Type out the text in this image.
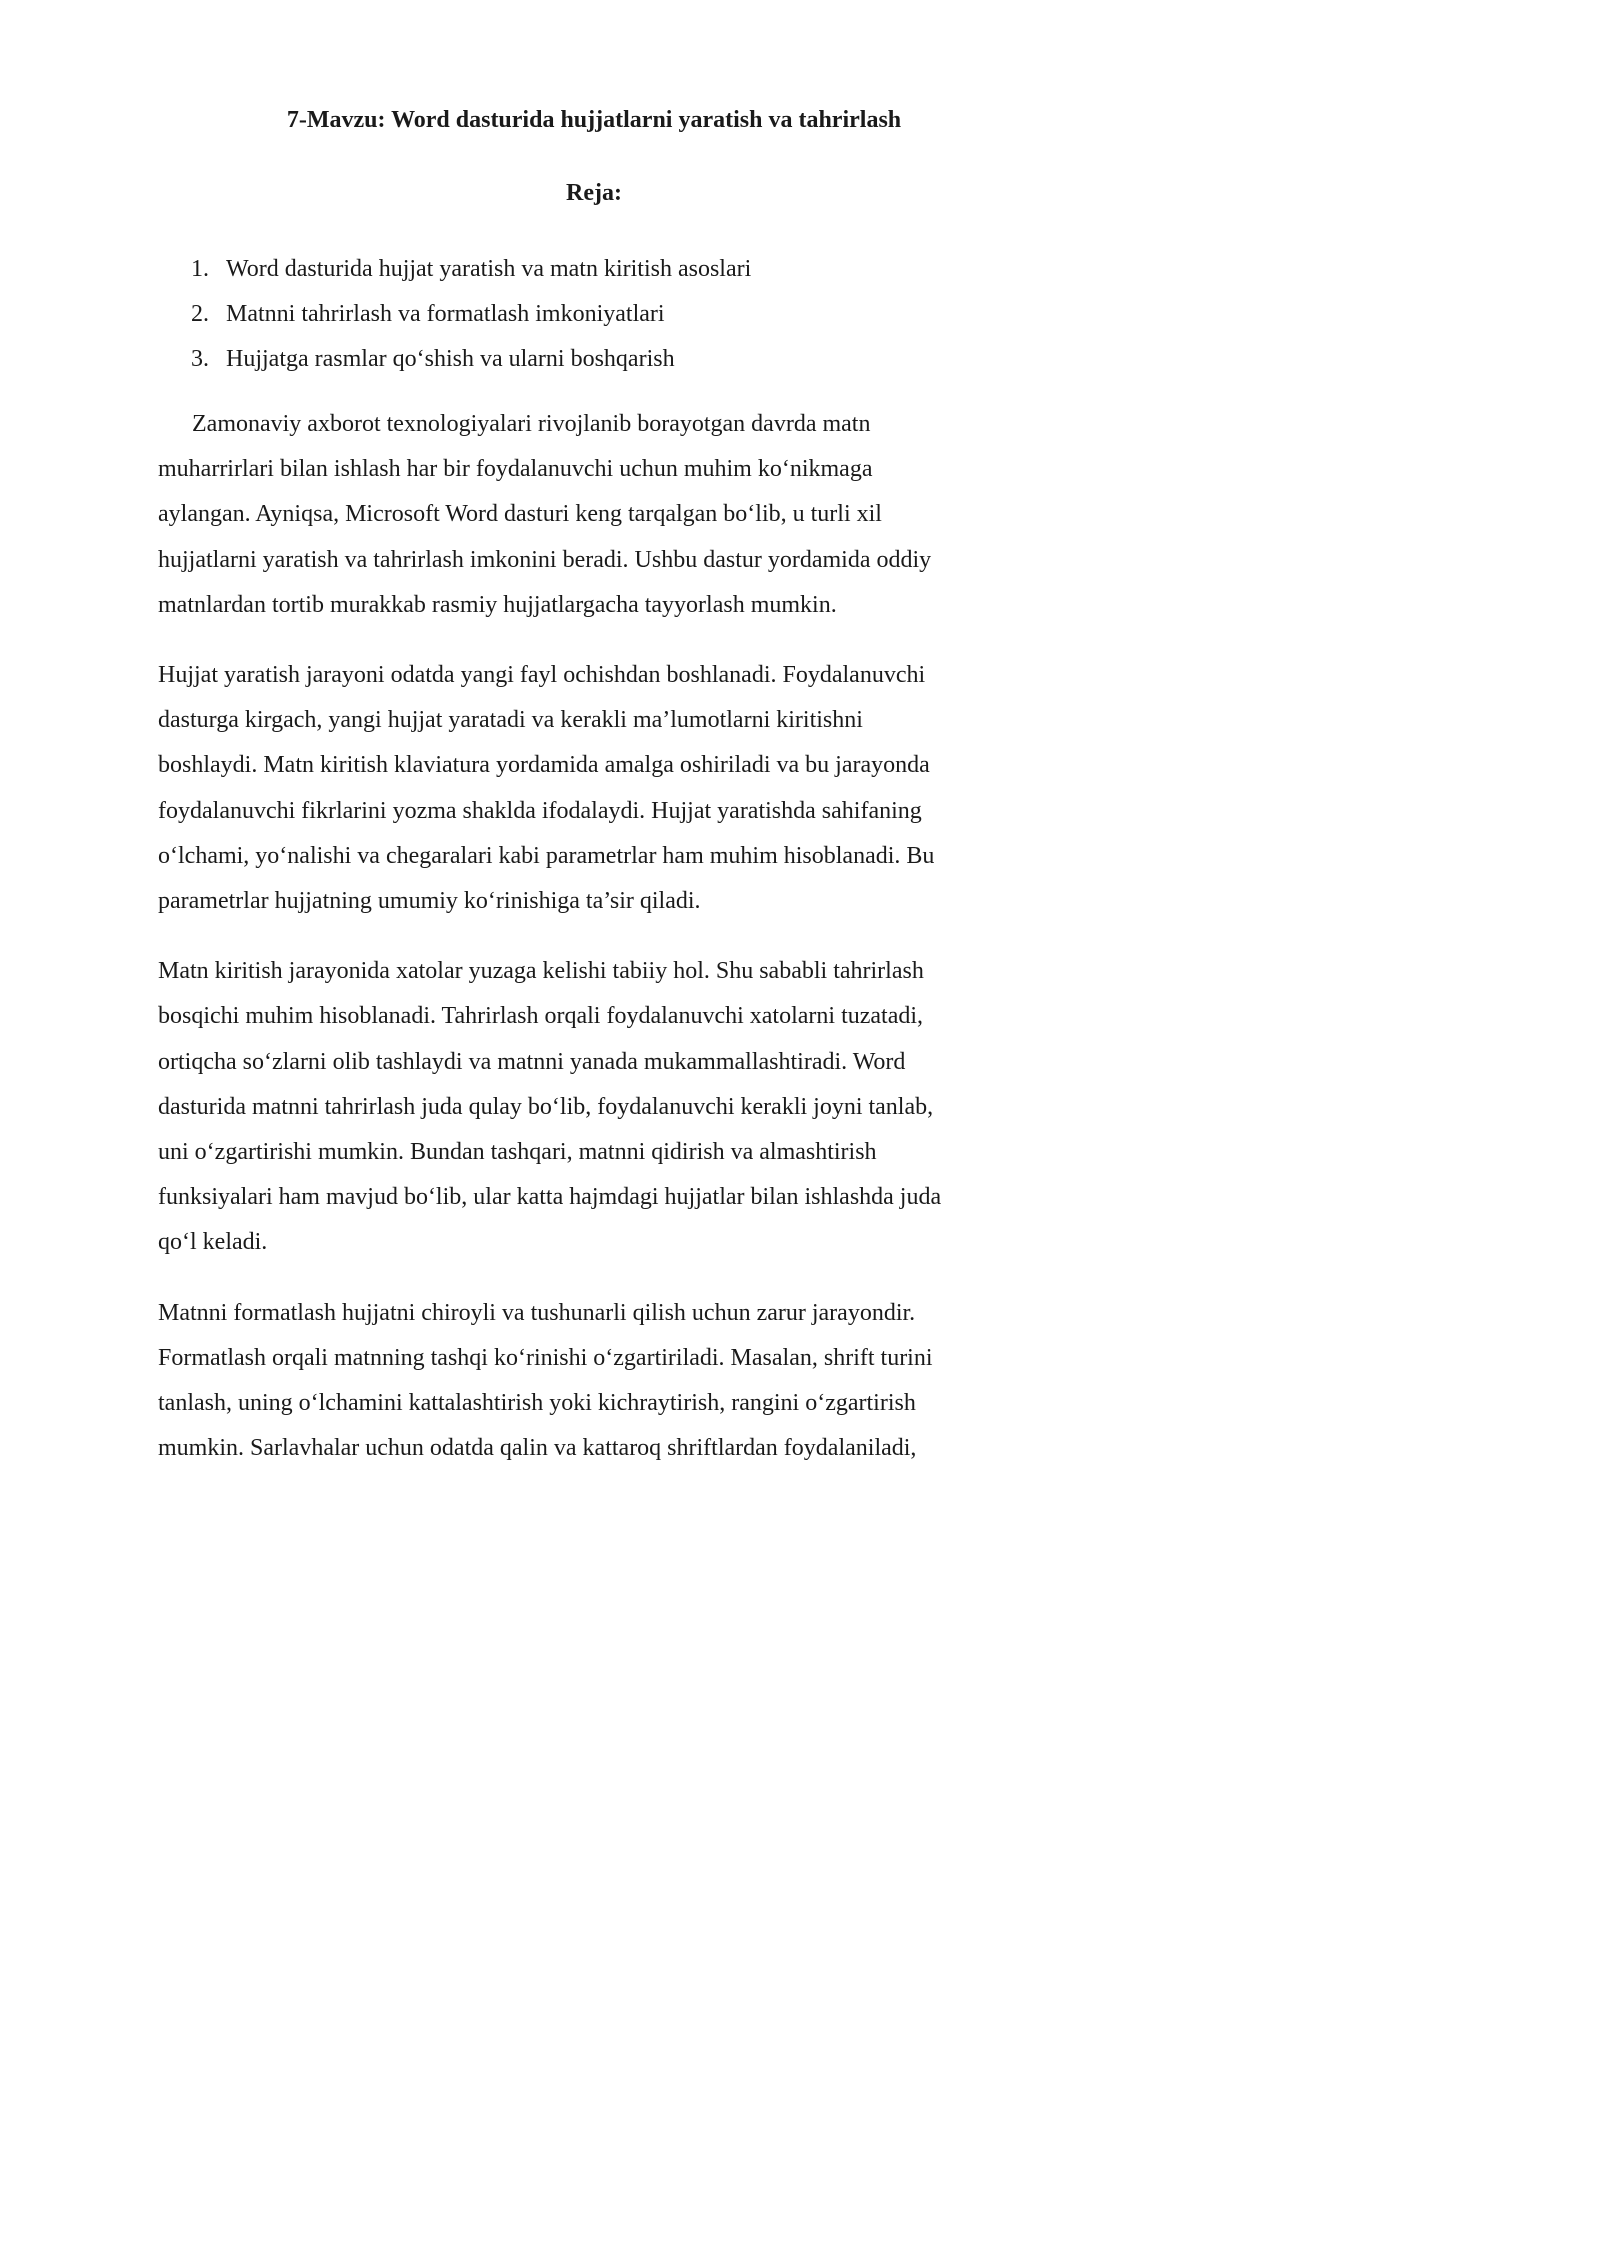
7-Mavzu: Word dasturida hujjatlarni yaratish va tahrirlash
Reja:
1. Word dasturida hujjat yaratish va matn kiritish asoslari
2. Matnni tahrirlash va formatlash imkoniyatlari
3. Hujjatga rasmlar qo‘shish va ularni boshqarish

Zamonaviy axborot texnologiyalari rivojlanib borayotgan davrda matn
muharrirlari bilan ishlash har bir foydalanuvchi uchun muhim ko‘nikmaga
aylangan. Ayniqsa, Microsoft Word dasturi keng tarqalgan bo‘lib, u turli xil
hujjatlarni yaratish va tahrirlash imkonini beradi. Ushbu dastur yordamida oddiy
matnlardan tortib murakkab rasmiy hujjatlargacha tayyorlash mumkin.

Hujjat yaratish jarayoni odatda yangi fayl ochishdan boshlanadi. Foydalanuvchi
dasturga kirgach, yangi hujjat yaratadi va kerakli ma’lumotlarni kiritishni
boshlaydi. Matn kiritish klaviatura yordamida amalga oshiriladi va bu jarayonda
foydalanuvchi fikrlarini yozma shaklda ifodalaydi. Hujjat yaratishda sahifaning
o‘lchami, yo‘nalishi va chegaralari kabi parametrlar ham muhim hisoblanadi. Bu
parametrlar hujjatning umumiy ko‘rinishiga ta’sir qiladi.

Matn kiritish jarayonida xatolar yuzaga kelishi tabiiy hol. Shu sababli tahrirlash
bosqichi muhim hisoblanadi. Tahrirlash orqali foydalanuvchi xatolarni tuzatadi,
ortiqcha so‘zlarni olib tashlaydi va matnni yanada mukammallashtiradi. Word
dasturida matnni tahrirlash juda qulay bo‘lib, foydalanuvchi kerakli joyni tanlab,
uni o‘zgartirishi mumkin. Bundan tashqari, matnni qidirish va almashtirish
funksiyalari ham mavjud bo‘lib, ular katta hajmdagi hujjatlar bilan ishlashda juda
qo‘l keladi.

Matnni formatlash hujjatni chiroyli va tushunarli qilish uchun zarur jarayondir.
Formatlash orqali matnning tashqi ko‘rinishi o‘zgartiriladi. Masalan, shrift turini
tanlash, uning o‘lchamini kattalashtirish yoki kichraytirish, rangini o‘zgartirish
mumkin. Sarlavhalar uchun odatda qalin va kattaroq shriftlardan foydalaniladi,
